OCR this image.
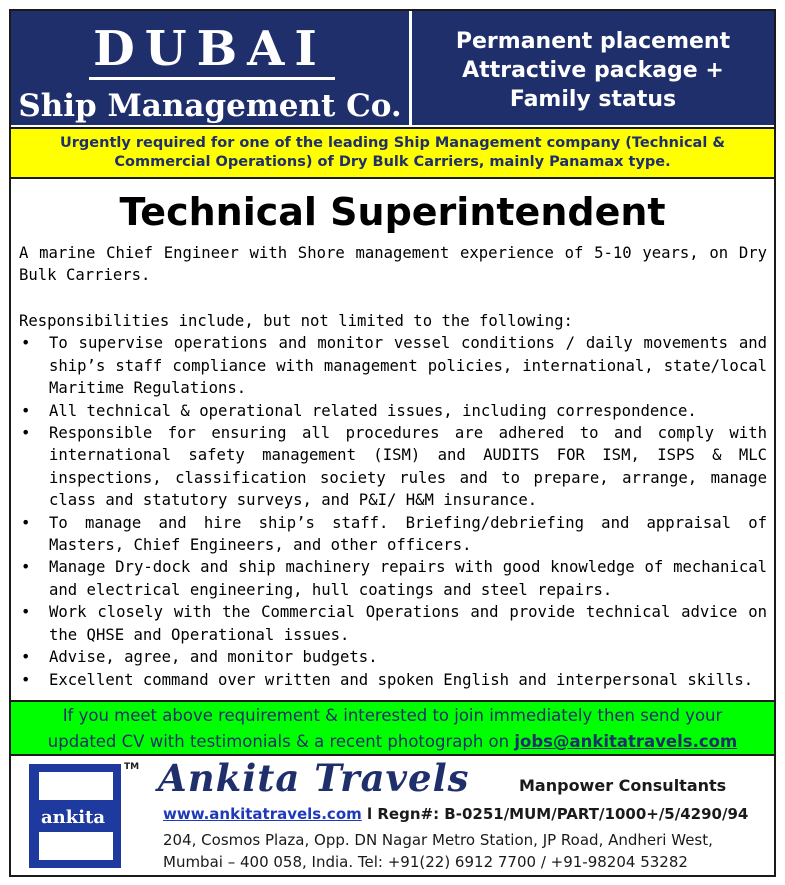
DUBAI
Ship Management Co.
Permanent placement
Attractive package +
Family status
Urgently required for one of the leading Ship Management company (Technical & Commercial Operations) of Dry Bulk Carriers, mainly Panamax type.
Technical Superintendent
A marine Chief Engineer with Shore management experience of 5-10 years, on Dry Bulk Carriers.
Responsibilities include, but not limited to the following:
• To supervise operations and monitor vessel conditions / daily movements and ship’s staff compliance with management policies, international, state/local Maritime Regulations.
• All technical & operational related issues, including correspondence.
• Responsible for ensuring all procedures are adhered to and comply with international safety management (ISM) and AUDITS FOR ISM, ISPS & MLC inspections, classification society rules and to prepare, arrange, manage class and statutory surveys, and P&I/ H&M insurance.
• To manage and hire ship’s staff. Briefing/debriefing and appraisal of Masters, Chief Engineers, and other officers.
• Manage Dry-dock and ship machinery repairs with good knowledge of mechanical and electrical engineering, hull coatings and steel repairs.
• Work closely with the Commercial Operations and provide technical advice on the QHSE and Operational issues.
• Advise, agree, and monitor budgets.
• Excellent command over written and spoken English and interpersonal skills.
If you meet above requirement & interested to join immediately then send your
updated CV with testimonials & a recent photograph on jobs@ankitatravels.com
ankita
TM Ankita Travels	Manpower Consultants
www.ankitatravels.com l Regn#: B-0251/MUM/PART/1000+/5/4290/94
204, Cosmos Plaza, Opp. DN Nagar Metro Station, JP Road, Andheri West,
Mumbai – 400 058, India. Tel: +91(22) 6912 7700 / +91-98204 53282
